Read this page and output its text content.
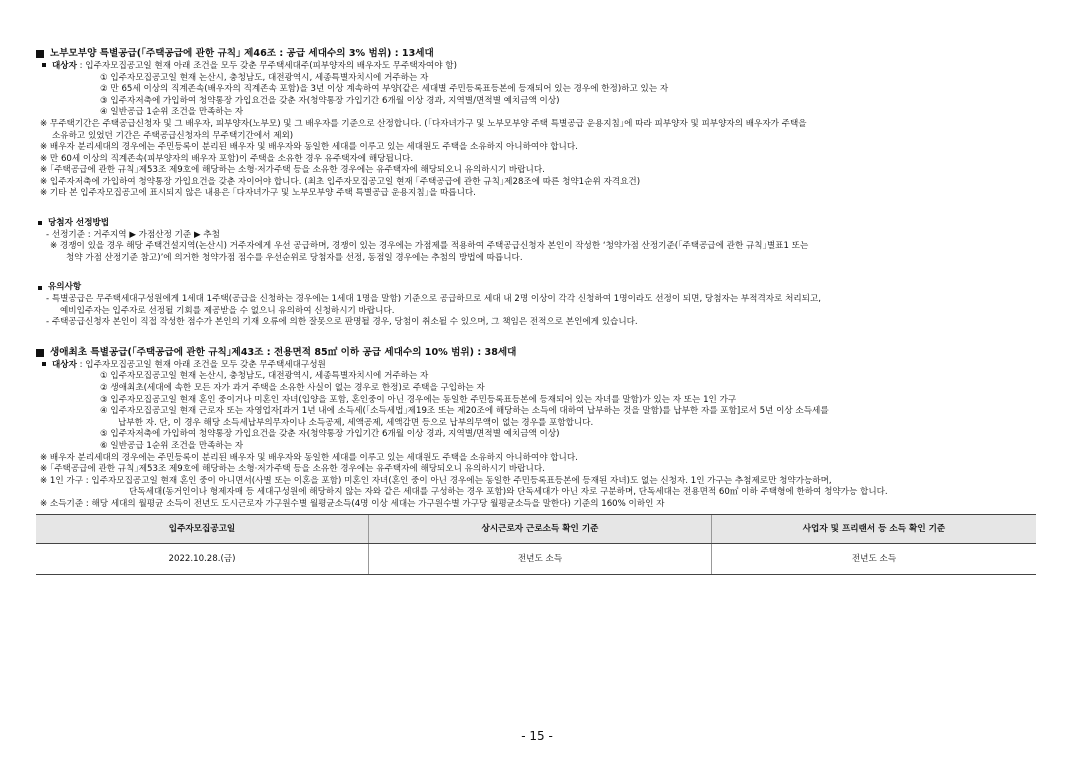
노부모부양 특별공급(｢주택공급에 관한 규칙｣ 제46조 : 공급 세대수의 3% 범위) : 13세대
대상자 : 입주자모집공고일 현재 아래 조건을 모두 갖춘 무주택세대주(피부양자의 배우자도 무주택자여야 함)
① 입주자모집공고일 현재 논산시, 충청남도, 대전광역시, 세종특별자치시에 거주하는 자
② 만 65세 이상의 직계존속(배우자의 직계존속 포함)을 3년 이상 계속하여 부양(같은 세대별 주민등록표등본에 등재되어 있는 경우에 한정)하고 있는 자
③ 입주자저축에 가입하여 청약통장 가입요건을 갖춘 자(청약통장 가입기간 6개월 이상 경과, 지역별/면적별 예치금액 이상)
④ 일반공급 1순위 조건을 만족하는 자
※ 무주택기간은 주택공급신청자 및 그 배우자, 피부양자(노부모) 및 그 배우자를 기준으로 산정합니다. (｢다자녀가구 및 노부모부양 주택 특별공급 운용지침｣에 따라 피부양자 및 피부양자의 배우자가 주택을
소유하고 있었던 기간은 주택공급신청자의 무주택기간에서 제외)
※ 배우자 분리세대의 경우에는 주민등록이 분리된 배우자 및 배우자와 동일한 세대를 이루고 있는 세대원도 주택을 소유하지 아니하여야 합니다.
※ 만 60세 이상의 직계존속(피부양자의 배우자 포함)이 주택을 소유한 경우 유주택자에 해당됩니다.
※ ｢주택공급에 관한 규칙｣제53조 제9호에 해당하는 소형·저가주택 등을 소유한 경우에는 유주택자에 해당되오니 유의하시기 바랍니다.
※ 입주자저축에 가입하여 청약통장 가입요건을 갖춘 자이어야 합니다. (최초 입주자모집공고일 현재 ｢주택공급에 관한 규칙｣제28조에 따른 청약1순위 자격요건)
※ 기타 본 입주자모집공고에 표시되지 않은 내용은 ｢다자녀가구 및 노부모부양 주택 특별공급 운용지침｣을 따릅니다.
당첨자 선정방법
- 선정기준 : 거주지역 ▶ 가점산정 기준 ▶ 추첨
※ 경쟁이 있을 경우 해당 주택건설지역(논산시) 거주자에게 우선 공급하며, 경쟁이 있는 경우에는 가점제를 적용하여 주택공급신청자 본인이 작성한 ‘청약가점 산정기준(｢주택공급에 관한 규칙｣별표1 또는
청약 가점 산정기준 참고)’에 의거한 청약가점 점수를 우선순위로 당첨자를 선정, 동점일 경우에는 추첨의 방법에 따릅니다.
유의사항
- 특별공급은 무주택세대구성원에게 1세대 1주택(공급을 신청하는 경우에는 1세대 1명을 말함) 기준으로 공급하므로 세대 내 2명 이상이 각각 신청하여 1명이라도 선정이 되면, 당첨자는 부적격자로 처리되고,
예비입주자는 입주자로 선정될 기회를 제공받을 수 없으니 유의하여 신청하시기 바랍니다.
- 주택공급신청자 본인이 직접 작성한 점수가 본인의 기재 오류에 의한 잘못으로 판명될 경우, 당첨이 취소될 수 있으며, 그 책임은 전적으로 본인에게 있습니다.
생애최초 특별공급(｢주택공급에 관한 규칙｣제43조 : 전용면적 85㎡ 이하 공급 세대수의 10% 범위) : 38세대
대상자 : 입주자모집공고일 현재 아래 조건을 모두 갖춘 무주택세대구성원
① 입주자모집공고일 현재 논산시, 충청남도, 대전광역시, 세종특별자치시에 거주하는 자
② 생애최초(세대에 속한 모든 자가 과거 주택을 소유한 사실이 없는 경우로 한정)로 주택을 구입하는 자
③ 입주자모집공고일 현재 혼인 중이거나 미혼인 자녀(입양을 포함, 혼인중이 아닌 경우에는 동일한 주민등록표등본에 등재되어 있는 자녀를 말함)가 있는 자 또는 1인 가구
④ 입주자모집공고일 현재 근로자 또는 자영업자[과거 1년 내에 소득세(｢소득세법｣제19조 또는 제20조에 해당하는 소득에 대하여 납부하는 것을 말함)를 납부한 자를 포함]로서 5년 이상 소득세를
납부한 자. 단, 이 경우 해당 소득세납부의무자이나 소득공제, 세액공제, 세액감면 등으로 납부의무액이 없는 경우를 포함합니다.
⑤ 입주자저축에 가입하여 청약통장 가입요건을 갖춘 자(청약통장 가입기간 6개월 이상 경과, 지역별/면적별 예치금액 이상)
⑥ 일반공급 1순위 조건을 만족하는 자
※ 배우자 분리세대의 경우에는 주민등록이 분리된 배우자 및 배우자와 동일한 세대를 이루고 있는 세대원도 주택을 소유하지 아니하여야 합니다.
※ ｢주택공급에 관한 규칙｣제53조 제9호에 해당하는 소형·저가주택 등을 소유한 경우에는 유주택자에 해당되오니 유의하시기 바랍니다.
※ 1인 가구 : 입주자모집공고일 현재 혼인 중이 아니면서(사별 또는 이혼을 포함) 미혼인 자녀(혼인 중이 아닌 경우에는 동일한 주민등록표등본에 등재된 자녀)도 없는 신청자. 1인 가구는 추첨제로만 청약가능하며,
단독세대(동거인이나 형제자매 등 세대구성원에 해당하지 않는 자와 같은 세대를 구성하는 경우 포함)와 단독세대가 아닌 자로 구분하며, 단독세대는 전용면적 60㎡ 이하 주택형에 한하여 청약가능 합니다.
※ 소득기준 : 해당 세대의 월평균 소득이 전년도 도시근로자 가구원수별 월평균소득(4명 이상 세대는 가구원수별 가구당 월평균소득을 말한다) 기준의 160% 이하인 자
입주자모집공고일	상시근로자 근로소득 확인 기준	사업자 및 프리랜서 등 소득 확인 기준
2022.10.28.(금)	전년도 소득	전년도 소득
- 15 -
